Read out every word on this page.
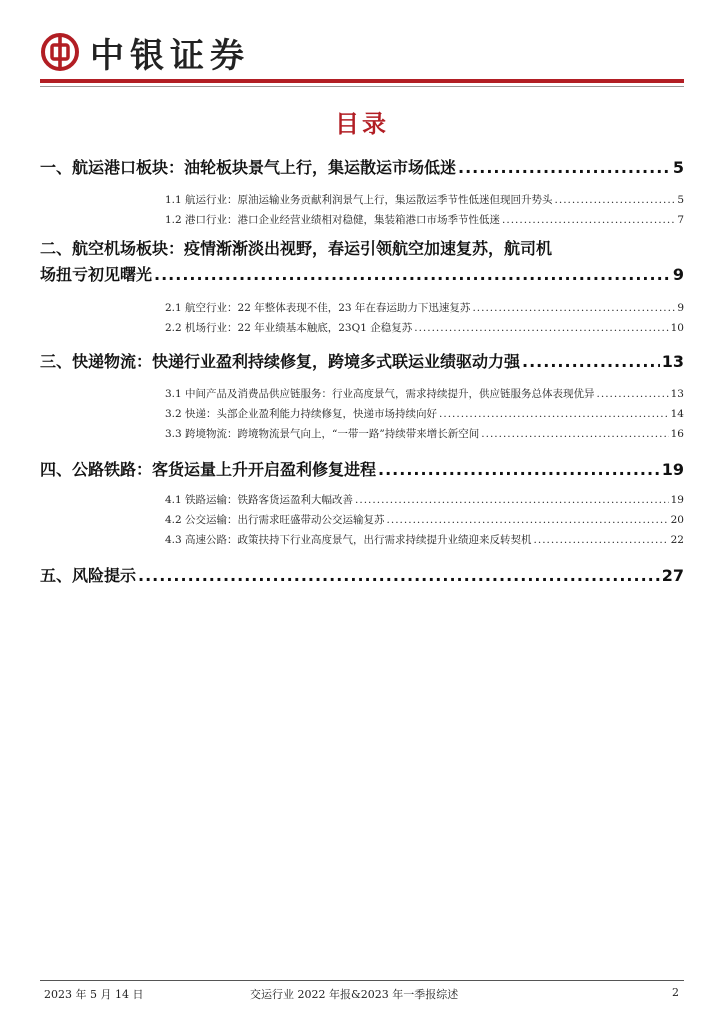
中银证券
目录
一、航运港口板块：油轮板块景气上行，集运散运市场低迷 .....	5
1.1 航运行业：原油运输业务贡献利润景气上行，集运散运季节性低迷但现回升势头 .....	5
1.2 港口行业：港口企业经营业绩相对稳健，集装箱港口市场季节性低迷 .....	7
二、航空机场板块：疫情渐渐淡出视野，春运引领航空加速复苏，航司机
场扭亏初见曙光 .....	9
2.1 航空行业：22 年整体表现不佳，23 年在春运助力下迅速复苏 .....	9
2.2 机场行业：22 年业绩基本触底，23Q1 企稳复苏 .....	10
三、快递物流：快递行业盈利持续修复，跨境多式联运业绩驱动力强 .....	13
3.1 中间产品及消费品供应链服务：行业高度景气，需求持续提升，供应链服务总体表现优异 .....	13
3.2 快递：头部企业盈利能力持续修复，快递市场持续向好 .....	14
3.3 跨境物流：跨境物流景气向上，“一带一路”持续带来增长新空间 .....	16
四、公路铁路：客货运量上升开启盈利修复进程 .....	19
4.1 铁路运输：铁路客货运盈利大幅改善 .....	19
4.2 公交运输：出行需求旺盛带动公交运输复苏 .....	20
4.3 高速公路：政策扶持下行业高度景气，出行需求持续提升业绩迎来反转契机 .....	22
五、风险提示 .....	27
2023 年 5 月 14 日	交运行业 2022 年报&2023 年一季报综述	2
